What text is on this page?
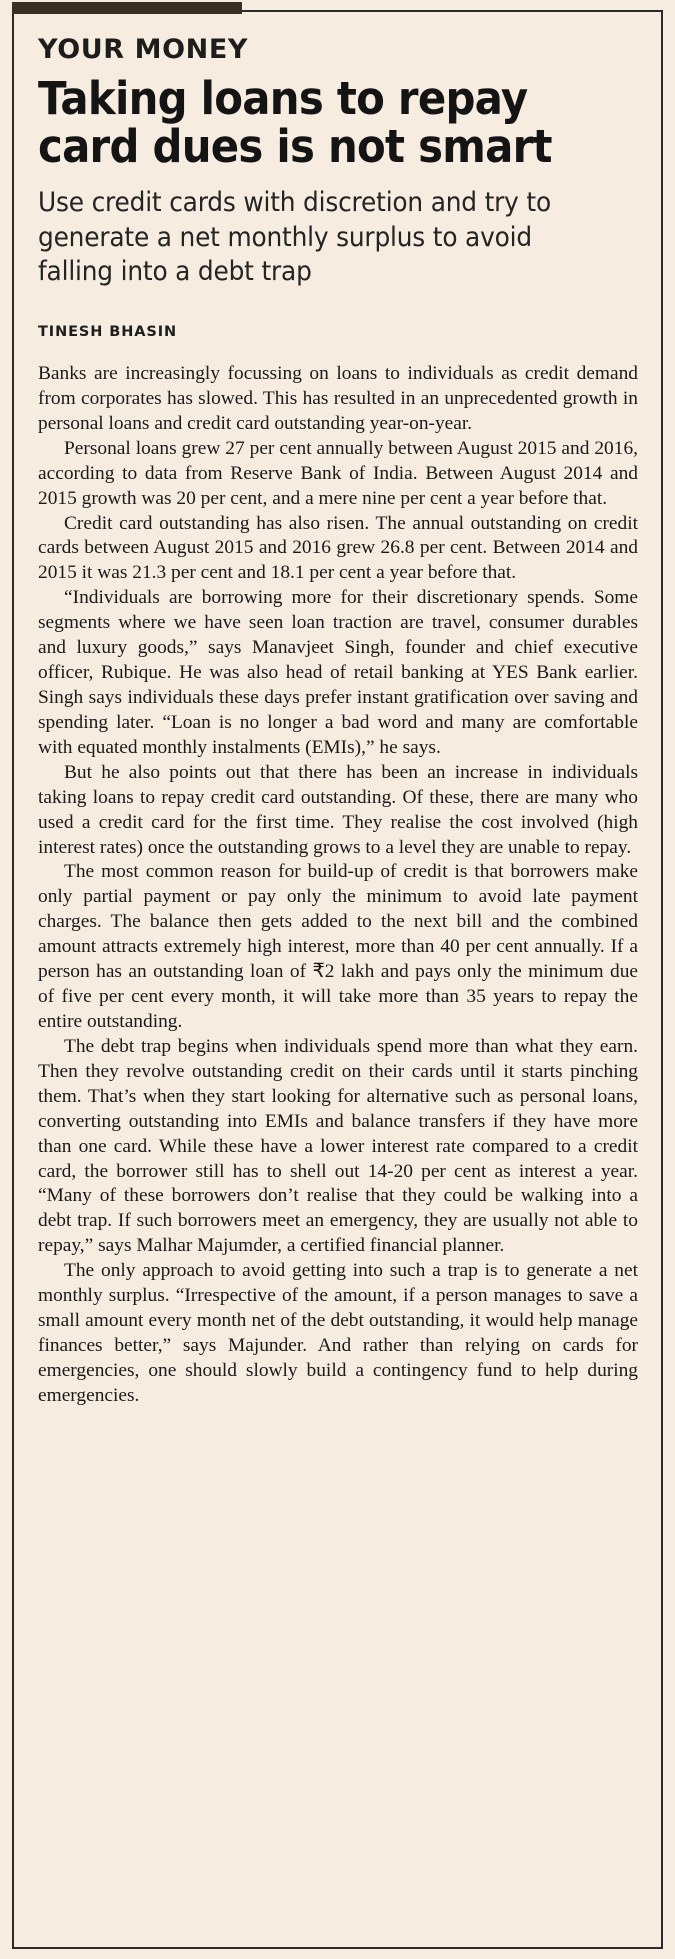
YOUR MONEY
Taking loans to repay
card dues is not smart
Use credit cards with discretion and try to generate a net monthly surplus to avoid falling into a debt trap
TINESH BHASIN

Banks are increasingly focussing on loans to individuals as credit demand from corporates has slowed. This has resulted in an unprecedented growth in personal loans and credit card outstanding year-on-year.

Personal loans grew 27 per cent annually between August 2015 and 2016, according to data from Reserve Bank of India. Between August 2014 and 2015 growth was 20 per cent, and a mere nine per cent a year before that.

Credit card outstanding has also risen. The annual outstanding on credit cards between August 2015 and 2016 grew 26.8 per cent. Between 2014 and 2015 it was 21.3 per cent and 18.1 per cent a year before that.

“Individuals are borrowing more for their discretionary spends. Some segments where we have seen loan traction are travel, consumer durables and luxury goods,” says Manavjeet Singh, founder and chief executive officer, Rubique. He was also head of retail banking at YES Bank earlier. Singh says individuals these days prefer instant gratification over saving and spending later. “Loan is no longer a bad word and many are comfortable with equated monthly instalments (EMIs),” he says.

But he also points out that there has been an increase in individuals taking loans to repay credit card outstanding. Of these, there are many who used a credit card for the first time. They realise the cost involved (high interest rates) once the outstanding grows to a level they are unable to repay.

The most common reason for build-up of credit is that borrowers make only partial payment or pay only the minimum to avoid late payment charges. The balance then gets added to the next bill and the combined amount attracts extremely high interest, more than 40 per cent annually. If a person has an outstanding loan of ₹2 lakh and pays only the minimum due of five per cent every month, it will take more than 35 years to repay the entire outstanding.

The debt trap begins when individuals spend more than what they earn. Then they revolve outstanding credit on their cards until it starts pinching them. That’s when they start looking for alternative such as personal loans, converting outstanding into EMIs and balance transfers if they have more than one card. While these have a lower interest rate compared to a credit card, the borrower still has to shell out 14-20 per cent as interest a year. “Many of these borrowers don’t realise that they could be walking into a debt trap. If such borrowers meet an emergency, they are usually not able to repay,” says Malhar Majumder, a certified financial planner.

The only approach to avoid getting into such a trap is to generate a net monthly surplus. “Irrespective of the amount, if a person manages to save a small amount every month net of the debt outstanding, it would help manage finances better,” says Majunder. And rather than relying on cards for emergencies, one should slowly build a contingency fund to help during emergencies.
